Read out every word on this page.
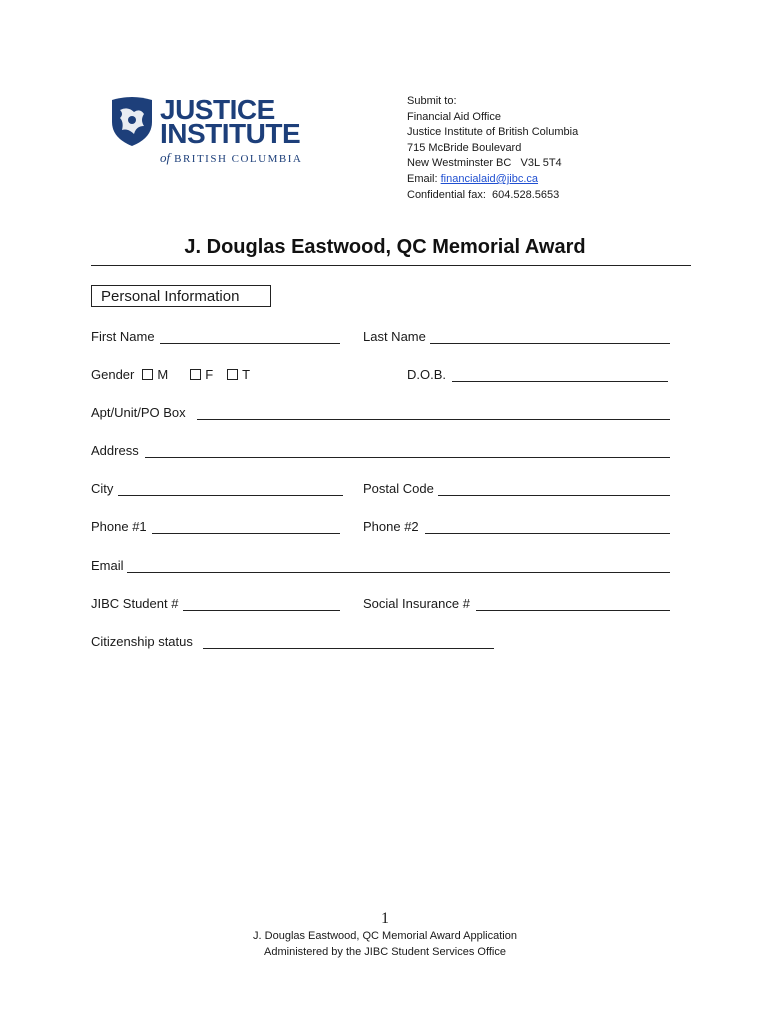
JUSTICE
INSTITUTE
of BRITISH COLUMBIA
Submit to:
Financial Aid Office
Justice Institute of British Columbia
715 McBride Boulevard
New Westminster BC   V3L 5T4
Email: financialaid@jibc.ca
Confidential fax:  604.528.5653
J. Douglas Eastwood, QC Memorial Award
Personal Information
First Name	Last Name
Gender M	F T	D.O.B.
Apt/Unit/PO Box
Address
City	Postal Code
Phone #1	Phone #2
Email
JIBC Student #	Social Insurance #
Citizenship status
1
J. Douglas Eastwood, QC Memorial Award Application
Administered by the JIBC Student Services Office
